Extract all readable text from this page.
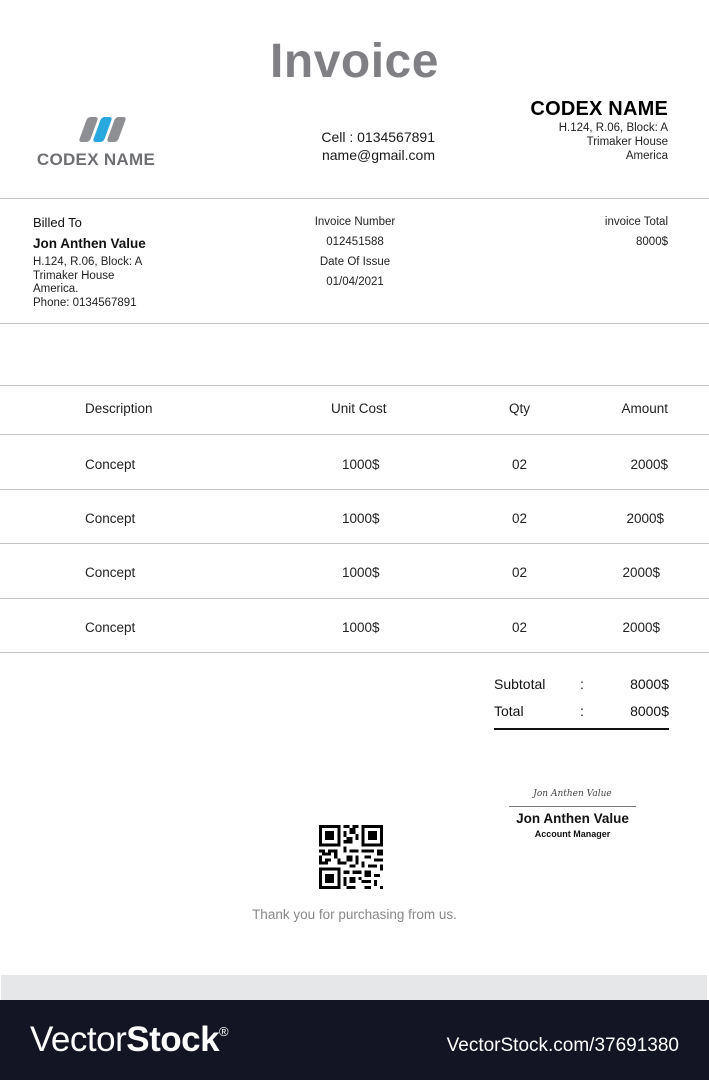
Invoice
CODEX NAME
Cell : 0134567891
name@gmail.com
CODEX NAME
H.124, R.06, Block: A
Trimaker House
America
Billed To
Jon Anthen Value
H.124, R.06, Block: A
Trimaker House
America.
Phone: 0134567891
Invoice Number
012451588
Date Of Issue
01/04/2021
invoice Total
8000$
Description	Unit Cost	Qty	Amount
Concept	1000$	02	2000$
Concept	1000$	02	2000$
Concept	1000$	02	2000$
Concept	1000$	02	2000$
Subtotal :	8000$
Total	:	8000$
Jon Anthen Value
Jon Anthen Value
Account Manager
Thank you for purchasing from us.
VectorStock®
VectorStock.com/37691380
